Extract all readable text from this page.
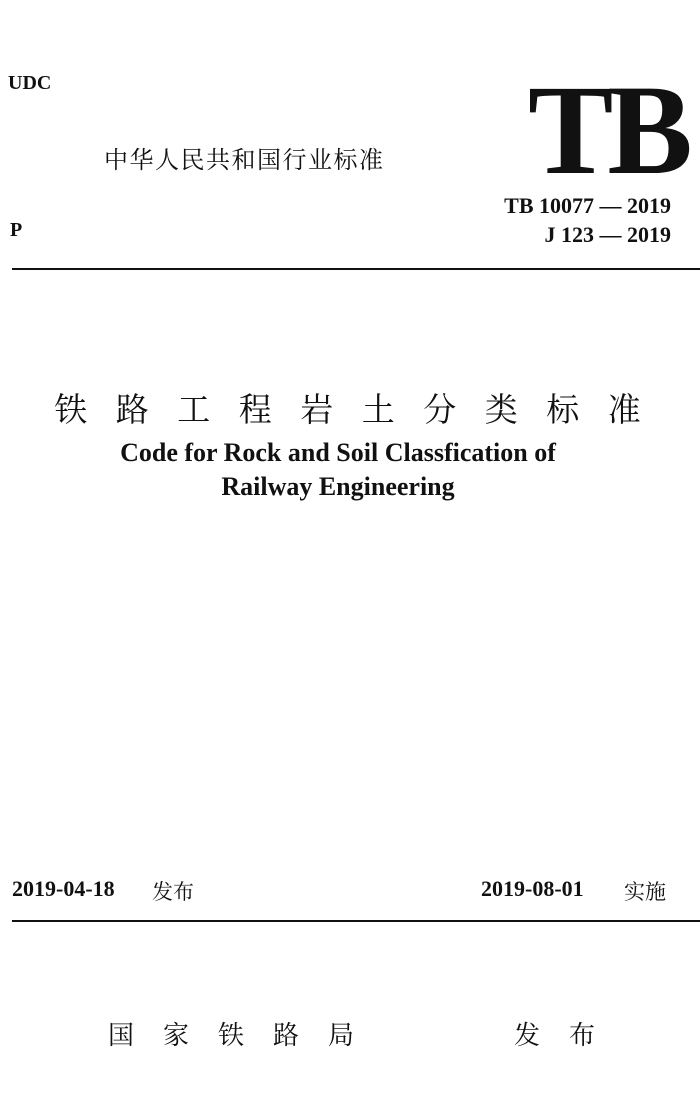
UDC
P
中华人民共和国行业标准 TB
TB 10077 — 2019
J 123 — 2019
铁 路 工 程 岩 土 分 类 标 准
Code for Rock and Soil Classfication of
Railway Engineering
2019-04-18 发布	2019-08-01 实施
国家铁路局	发布
